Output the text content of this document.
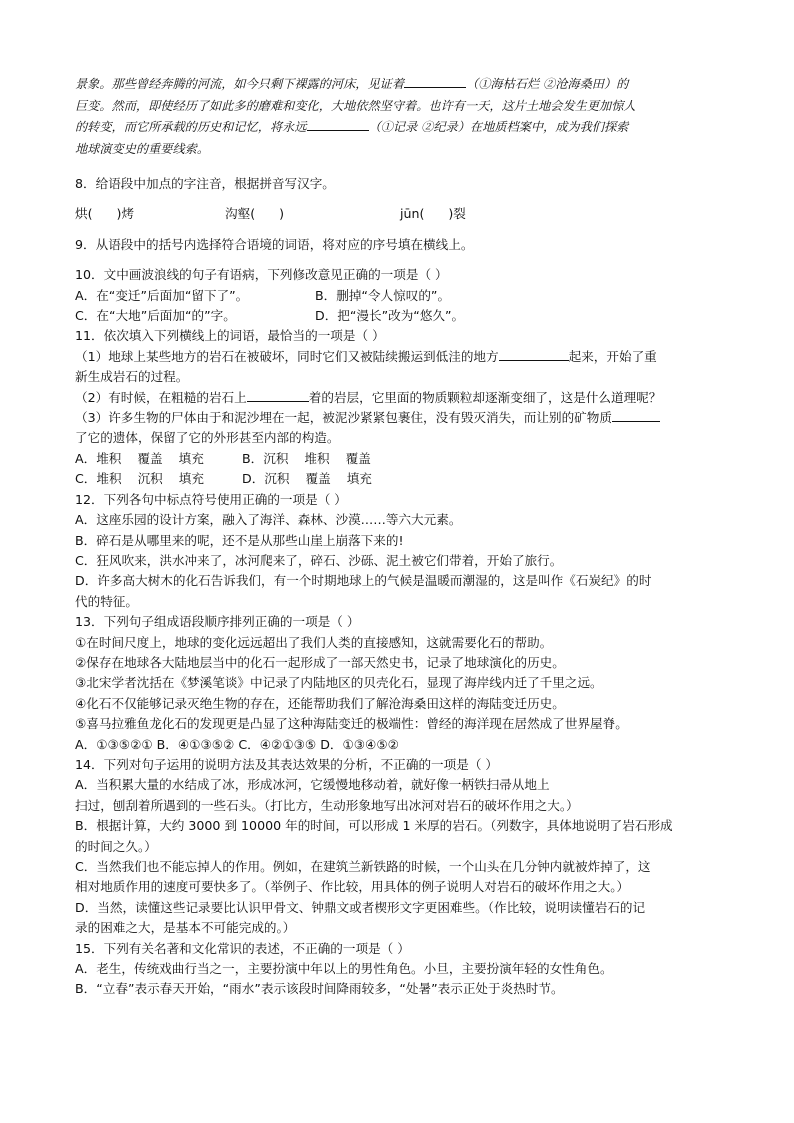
景象。那些曾经奔腾的河流，如今只剩下裸露的河床，见证着	（①海枯石烂 ②沧海桑田）的

巨变。然而，即使经历了如此多的磨难和变化，大地依然坚守着。也许有一天，这片土地会发生更加惊人

的转变，而它所承载的历史和记忆，将永远	（①记录 ②纪录）在地质档案中，成为我们探索

地球演变史的重要线索。

8．给语段中加点的字注音，根据拼音写汉字。

烘(      )烤	沟壑(      )	jūn(      )裂

9．从语段中的括号内选择符合语境的词语，将对应的序号填在横线上。

10．文中画波浪线的句子有语病，下列修改意见正确的一项是（ ）

A．在“变迁”后面加“留下了”。	B．删掉“令人惊叹的”。
C．在“大地”后面加“的”字。	D．把“漫长”改为“悠久”。

11．依次填入下列横线上的词语，最恰当的一项是（ ）

（1）地球上某些地方的岩石在被破坏，同时它们又被陆续搬运到低洼的地方	起来，开始了重

新生成岩石的过程。

（2）有时候，在粗糙的岩石上	着的岩层，它里面的物质颗粒却逐渐变细了，这是什么道理呢？

（3）许多生物的尸体由于和泥沙埋在一起，被泥沙紧紧包裹住，没有毁灭消失，而让别的矿物质

了它的遗体，保留了它的外形甚至内部的构造。

A．堆积    覆盖    填充	B．沉积    堆积    覆盖
C．堆积    沉积    填充	D．沉积    覆盖    填充

12．下列各句中标点符号使用正确的一项是（ ）

A．这座乐园的设计方案，融入了海洋、森林、沙漠……等六大元素。

B．碎石是从哪里来的呢，还不是从那些山崖上崩落下来的!

C．狂风吹来，洪水冲来了，冰河爬来了，碎石、沙砾、泥土被它们带着，开始了旅行。

D．许多高大树木的化石告诉我们，有一个时期地球上的气候是温暖而潮湿的，这是叫作《石炭纪》的时

代的特征。

13．下列句子组成语段顺序排列正确的一项是（ ）

①在时间尺度上，地球的变化远远超出了我们人类的直接感知，这就需要化石的帮助。

②保存在地球各大陆地层当中的化石一起形成了一部天然史书，记录了地球演化的历史。

③北宋学者沈括在《梦溪笔谈》中记录了内陆地区的贝壳化石，显现了海岸线内迁了千里之远。

④化石不仅能够记录灭绝生物的存在，还能帮助我们了解沧海桑田这样的海陆变迁历史。

⑤喜马拉雅鱼龙化石的发现更是凸显了这种海陆变迁的极端性：曾经的海洋现在居然成了世界屋脊。

A．①③⑤②① B．④①③⑤② C．④②①③⑤ D．①③④⑤②

14．下列对句子运用的说明方法及其表达效果的分析，不正确的一项是（ ）

A．当积累大量的水结成了冰，形成冰河，它缓慢地移动着，就好像一柄铁扫帚从地上

扫过，刨刮着所遇到的一些石头。（打比方，生动形象地写出冰河对岩石的破坏作用之大。）

B．根据计算，大约 3000 到 10000 年的时间，可以形成 1 米厚的岩石。（列数字，具体地说明了岩石形成

的时间之久。）

C．当然我们也不能忘掉人的作用。例如，在建筑兰新铁路的时候，一个山头在几分钟内就被炸掉了，这

相对地质作用的速度可要快多了。（举例子、作比较，用具体的例子说明人对岩石的破坏作用之大。）

D．当然，读懂这些记录要比认识甲骨文、钟鼎文或者楔形文字更困难些。（作比较，说明读懂岩石的记

录的困难之大，是基本不可能完成的。）

15．下列有关名著和文化常识的表述，不正确的一项是（ ）

A．老生，传统戏曲行当之一，主要扮演中年以上的男性角色。小旦，主要扮演年轻的女性角色。

B．“立春”表示春天开始，“雨水”表示该段时间降雨较多，“处暑”表示正处于炎热时节。
